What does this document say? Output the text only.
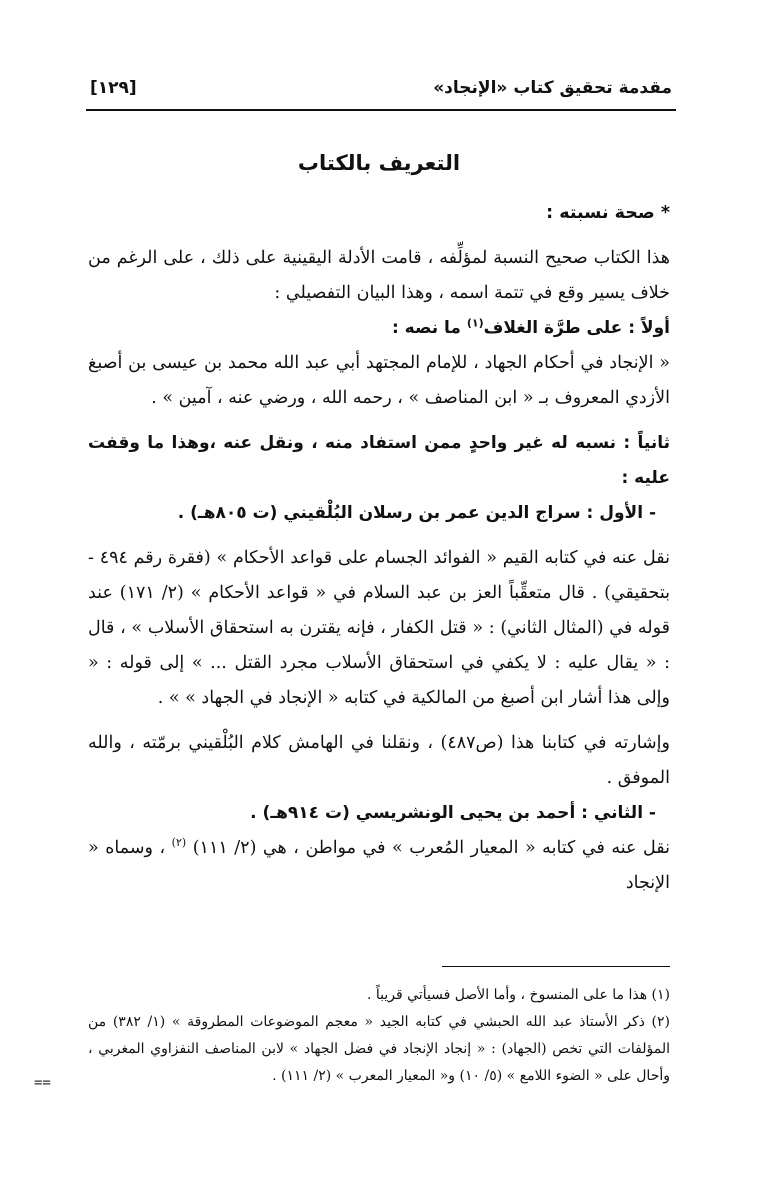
مقدمة تحقيق كتاب «الإنجاد»
[١٢٩]
التعريف بالكتاب

* صحة نسبته :

هذا الكتاب صحيح النسبة لمؤلِّفه ، قامت الأدلة اليقينية على ذلك ، على الرغم من خلاف يسير وقع في تتمة اسمه ، وهذا البيان التفصيلي :

أولاً : على طرَّة الغلاف$^{(١)}$ ما نصه :

« الإنجاد في أحكام الجهاد ، للإمام المجتهد أبي عبد الله محمد بن عيسى بن أصبغ الأزدي المعروف بـ « ابن المناصف » ، رحمه الله ، ورضي عنه ، آمين » .

ثانياً : نسبه له غير واحدٍ ممن استفاد منه ، ونقل عنه ،وهذا ما وقفت عليه :

- الأول : سراج الدين عمر بن رسلان البُلْقيني (ت ٨٠٥هـ) .

نقل عنه في كتابه القيم « الفوائد الجسام على قواعد الأحكام » (فقرة رقم ٤٩٤ - بتحقيقي) . قال متعقِّباً العز بن عبد السلام في « قواعد الأحكام » (٢/ ١٧١) عند قوله في (المثال الثاني) : « قتل الكفار ، فإنه يقترن به استحقاق الأسلاب » ، قال : « يقال عليه : لا يكفي في استحقاق الأسلاب مجرد القتل ... » إلى قوله : « وإلى هذا أشار ابن أصبغ من المالكية في كتابه « الإنجاد في الجهاد » » .

وإشارته في كتابنا هذا (ص٤٨٧) ، ونقلنا في الهامش كلام البُلْقيني برمّته ، والله الموفق .

- الثاني : أحمد بن يحيى الونشريسي (ت ٩١٤هـ) .

نقل عنه في كتابه « المعيار المُعرب » في مواطن ، هي (٢/ ١١١) $^{(٢)}$ ، وسماه « الإنجاد

(١) هذا ما على المنسوخ ، وأما الأصل فسيأتي قريباً .

(٢) ذكر الأستاذ عبد الله الحبشي في كتابه الجيد « معجم الموضوعات المطروقة » (١/ ٣٨٢) من المؤلفات التي تخص (الجهاد) : « إنجاد الإنجاد في فضل الجهاد » لابن المناصف النفزاوي المغربي ، وأحال على « الضوء اللامع » (٥/ ١٠) و« المعيار المعرب » (٢/ ١١١) .

==
